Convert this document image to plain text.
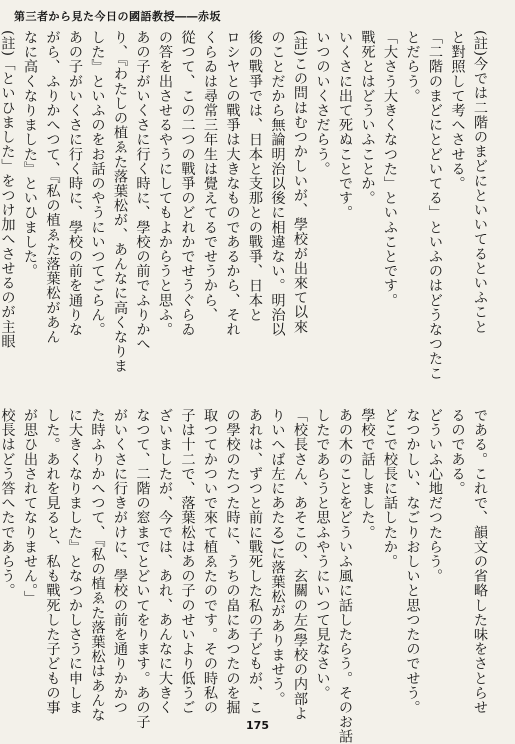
第三者から見た今日の國語教授――赤坂
(註)今では二階のまどにといいてるといふこと
と對照して考へさせる。
「二階のまどにとどいてる」といふのはどうなつたこ
とだらう。
「大さう大きくなつた」といふことです。
戰死とはどういふことか。
いくさに出て死ぬことです。
いつのいくさだらう。
(註)この問はむつかしいが、學校が出來て以來
のことだから無論明治以後に相違ない。明治以
後の戰爭では、日本と支那との戰爭、日本と
ロシヤとの戰爭は大きなものであるから、それ
くらゐは尋常三年生は覺えてるでせうから、
從つて、この二つの戰爭のどれかでせうぐらゐ
の答を出させるやうにしてもよからうと思ふ。
あの子がいくさに行く時に、學校の前でふりかへ
り、『わたしの植ゑた落葉松が、あんなに高くなりま
した』といふのをお話のやうにいつてごらん。
あの子がいくさに行く時に、學校の前を通りな
がら、ふりかへつて、『私の植ゑた落葉松があん
なに高くなりました』といひました。
(註)「といひました」をつけ加へさせるのが主眼
である。これで、韻文の省略した味をさとらせ
るのである。
どういふ心地だつたらう。
なつかしい、なごりおしいと思つたのでせう。
どこで校長に話したか。
學校で話しました。
あの木のことをどういふ風に話したらう。そのお話
したであらうと思ふやうにいつて見なさい。
「校長さん、あそこの、玄關の左(學校の内部よ
りいへば左にあたる)に落葉松がありませう。
あれは、ずつと前に戰死した私の子どもが、こ
の學校のたつた時に、うちの畠にあつたのを掘
取つてかついで來て植ゑたのです。その時私の
子は十二で、落葉松はあの子のせいより低うご
ざいましたが、今では、あれ、あんなに大きく
なつて、二階の窓までとどいてをります。あの子
がいくさに行きがけに、學校の前を通りかかつ
た時ふりかへつて、『私の植ゑた落葉松はあんな
に大きくなりました』となつかしさうに申しま
した。あれを見ると、私も戰死した子どもの事
が思ひ出されてなりません。」
校長はどう答へたであらう。
175
